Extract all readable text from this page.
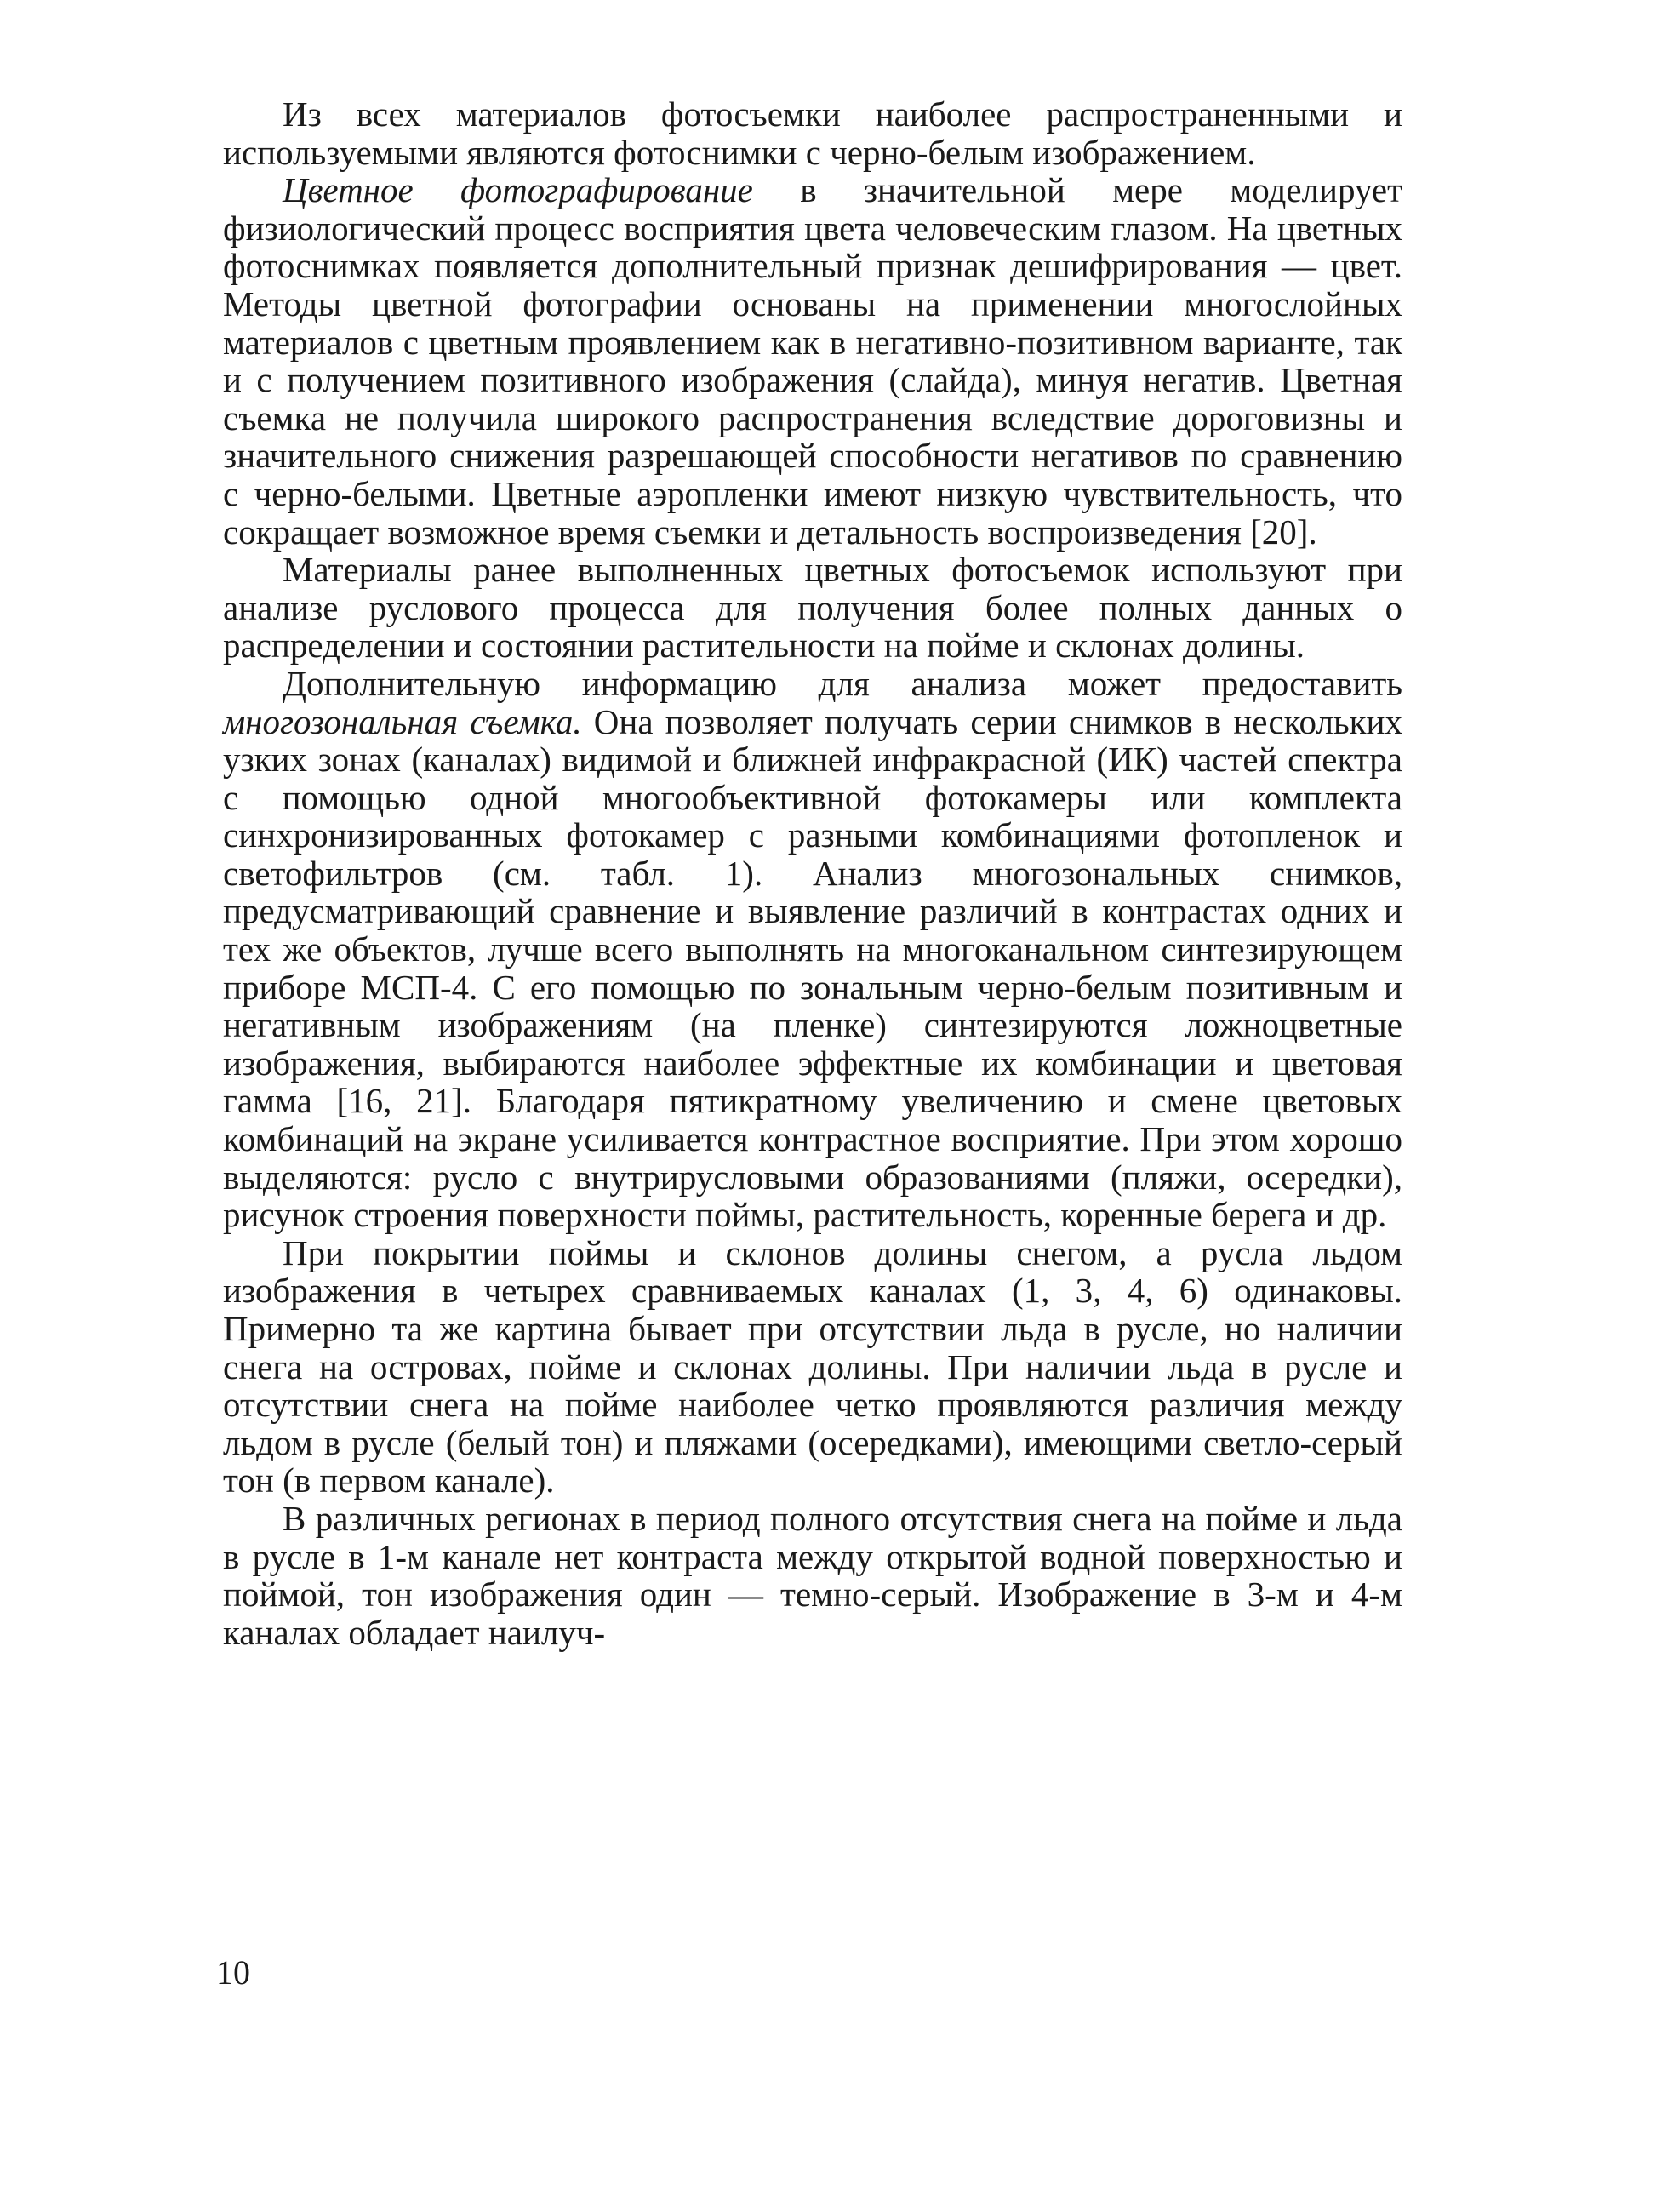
Из всех материалов фотосъемки наиболее распространенными и используемыми являются фотоснимки с черно-белым изображением.

Цветное фотографирование в значительной мере моделирует физиологический процесс восприятия цвета человеческим глазом. На цветных фотоснимках появляется дополнительный признак дешифрирования — цвет. Методы цветной фотографии основаны на применении многослойных материалов с цветным проявлением как в негативно-позитивном варианте, так и с получением позитивного изображения (слайда), минуя негатив. Цветная съемка не получила широкого распространения вследствие дороговизны и значительного снижения разрешающей способности негативов по сравнению с черно-белыми. Цветные аэропленки имеют низкую чувствительность, что сокращает возможное время съемки и детальность воспроизведения [20].

Материалы ранее выполненных цветных фотосъемок используют при анализе руслового процесса для получения более полных данных о распределении и состоянии растительности на пойме и склонах долины.

Дополнительную информацию для анализа может предоставить многозональная съемка. Она позволяет получать серии снимков в нескольких узких зонах (каналах) видимой и ближней инфракрасной (ИК) частей спектра с помощью одной многообъективной фотокамеры или комплекта синхронизированных фотокамер с разными комбинациями фотопленок и светофильтров (см. табл. 1). Анализ многозональных снимков, предусматривающий сравнение и выявление различий в контрастах одних и тех же объектов, лучше всего выполнять на многоканальном синтезирующем приборе МСП-4. С его помощью по зональным черно-белым позитивным и негативным изображениям (на пленке) синтезируются ложноцветные изображения, выбираются наиболее эффектные их комбинации и цветовая гамма [16, 21]. Благодаря пятикратному увеличению и смене цветовых комбинаций на экране усиливается контрастное восприятие. При этом хорошо выделяются: русло с внутрирусловыми образованиями (пляжи, осередки), рисунок строения поверхности поймы, растительность, коренные берега и др.

При покрытии поймы и склонов долины снегом, а русла льдом изображения в четырех сравниваемых каналах (1, 3, 4, 6) одинаковы. Примерно та же картина бывает при отсутствии льда в русле, но наличии снега на островах, пойме и склонах долины. При наличии льда в русле и отсутствии снега на пойме наиболее четко проявляются различия между льдом в русле (белый тон) и пляжами (осередками), имеющими светло-серый тон (в первом канале).

В различных регионах в период полного отсутствия снега на пойме и льда в русле в 1-м канале нет контраста между открытой водной поверхностью и поймой, тон изображения один — темно-серый. Изображение в 3-м и 4-м каналах обладает наилуч-

10
